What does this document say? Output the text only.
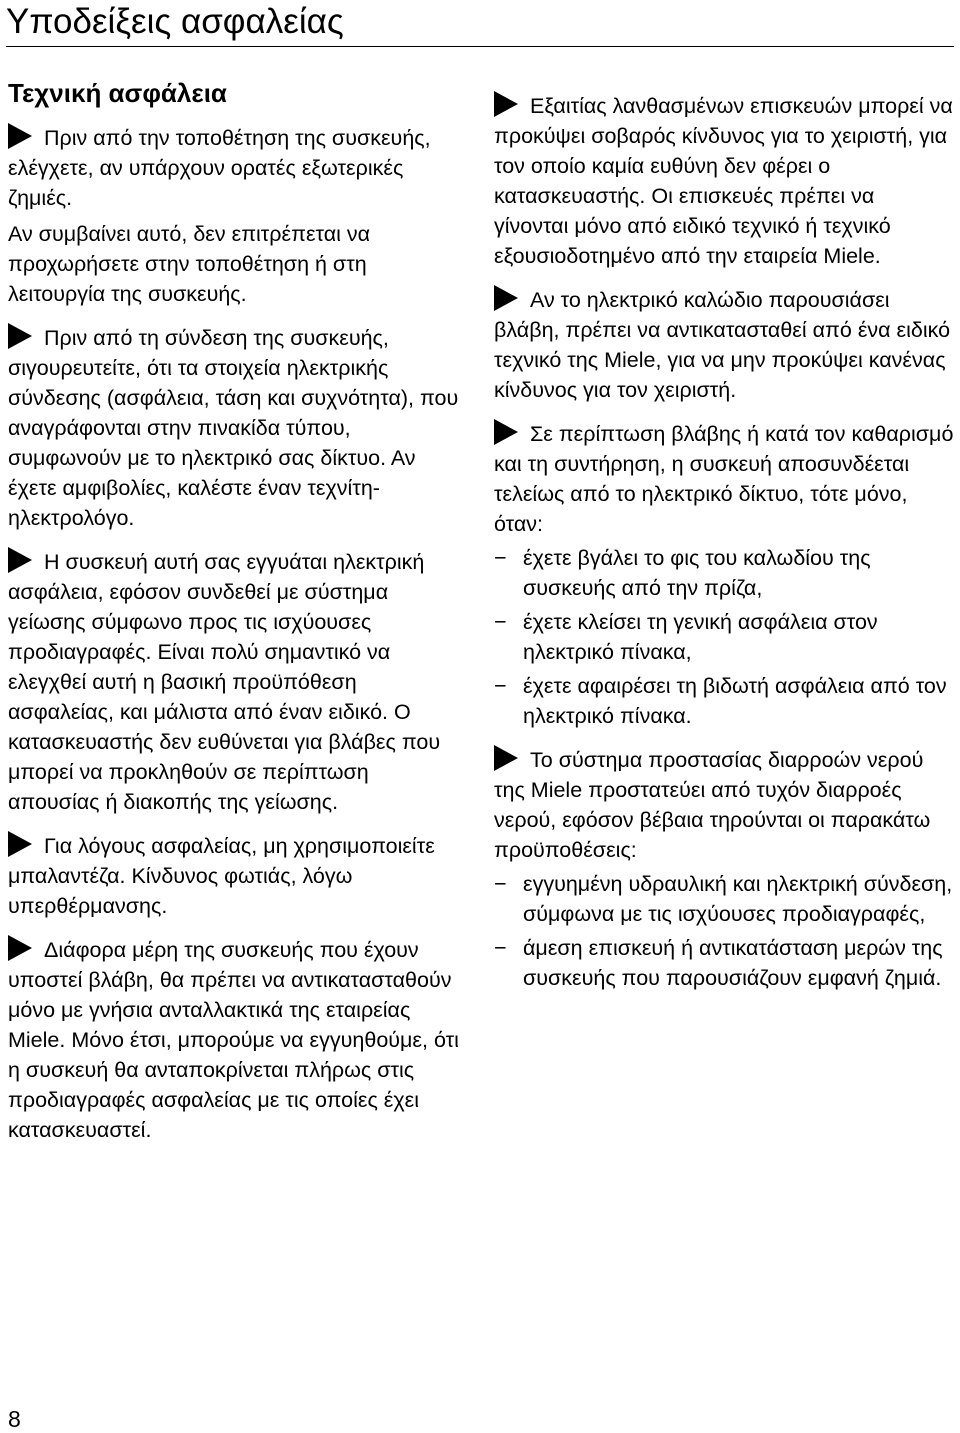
Υποδείξεις ασφαλείας
Τεχνική ασφάλεια

Πριν από την τοποθέτηση της συσκευής, ελέγχετε, αν υπάρχουν ορατές εξωτερικές ζημιές.

Αν συμβαίνει αυτό, δεν επιτρέπεται να προχωρήσετε στην τοποθέτηση ή στη λειτουργία της συσκευής.

Πριν από τη σύνδεση της συσκευής, σιγουρευτείτε, ότι τα στοιχεία ηλεκτρικής σύνδεσης (ασφάλεια, τάση και συχνότητα), που αναγράφονται στην πινακίδα τύπου, συμφωνούν με το ηλεκτρικό σας δίκτυο. Αν έχετε αμφιβολίες, καλέστε έναν τεχνίτη-ηλεκτρολόγο.

Η συσκευή αυτή σας εγγυάται ηλεκτρική ασφάλεια, εφόσον συνδεθεί με σύστημα γείωσης σύμφωνο προς τις ισχύουσες προδιαγραφές. Είναι πολύ σημαντικό να ελεγχθεί αυτή η βασική προϋπόθεση ασφαλείας, και μάλιστα από έναν ειδικό. Ο κατασκευαστής δεν ευθύνεται για βλάβες που μπορεί να προκληθούν σε περίπτωση απουσίας ή διακοπής της γείωσης.

Για λόγους ασφαλείας, μη χρησιμοποιείτε μπαλαντέζα. Κίνδυνος φωτιάς, λόγω υπερθέρμανσης.

Διάφορα μέρη της συσκευής που έχουν υποστεί βλάβη, θα πρέπει να αντικατασταθούν μόνο με γνήσια ανταλλακτικά της εταιρείας Miele. Μόνο έτσι, μπορούμε να εγγυηθούμε, ότι η συσκευή θα ανταποκρίνεται πλήρως στις προδιαγραφές ασφαλείας με τις οποίες έχει κατασκευαστεί.

Εξαιτίας λανθασμένων επισκευών μπορεί να προκύψει σοβαρός κίνδυνος για το χειριστή, για τον οποίο καμία ευθύνη δεν φέρει ο κατασκευαστής. Οι επισκευές πρέπει να γίνονται μόνο από ειδικό τεχνικό ή τεχνικό εξουσιοδοτημένο από την εταιρεία Miele.

Αν το ηλεκτρικό καλώδιο παρουσιάσει βλάβη, πρέπει να αντικατασταθεί από ένα ειδικό τεχνικό της Miele, για να μην προκύψει κανένας κίνδυνος για τον χειριστή.

Σε περίπτωση βλάβης ή κατά τον καθαρισμό και τη συντήρηση, η συσκευή αποσυνδέεται τελείως από το ηλεκτρικό δίκτυο, τότε μόνο, όταν:

− έχετε βγάλει το φις του καλωδίου της συσκευής από την πρίζα,
− έχετε κλείσει τη γενική ασφάλεια στον ηλεκτρικό πίνακα,
− έχετε αφαιρέσει τη βιδωτή ασφάλεια από τον ηλεκτρικό πίνακα.

Το σύστημα προστασίας διαρροών νερού της Miele προστατεύει από τυχόν διαρροές νερού, εφόσον βέβαια τηρούνται οι παρακάτω προϋποθέσεις:

− εγγυημένη υδραυλική και ηλεκτρική σύνδεση, σύμφωνα με τις ισχύουσες προδιαγραφές,
− άμεση επισκευή ή αντικατάσταση μερών της συσκευής που παρουσιάζουν εμφανή ζημιά.
8
